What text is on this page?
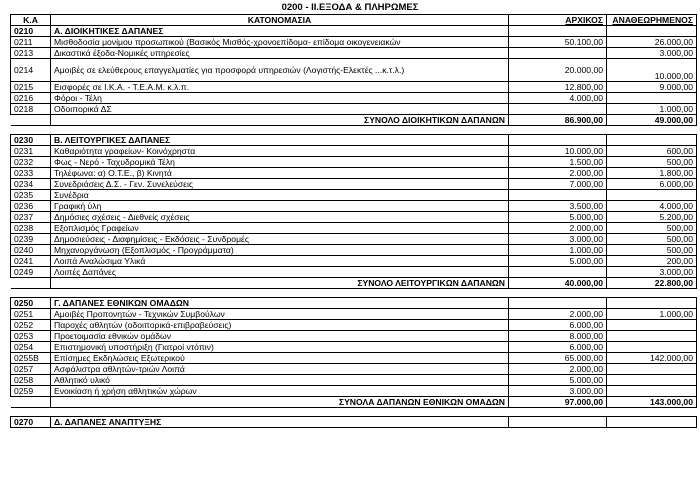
0200 - ΙΙ.ΕΞΟΔΑ & ΠΛΗΡΩΜΕΣ
Κ.Α	ΚΑΤΟΝΟΜΑΣΙΑ	ΑΡΧΙΚΟΣ	ΑΝΑΘΕΩΡΗΜΕΝΟΣ
0210	Α. ΔΙΟΙΚΗΤΙΚΕΣ ΔΑΠΑΝΕΣ		
0211	Μισθοδοσία μονίμου προσωπικού (Βασικός Μισθός-χρονοεπίδομα- επίδομα οικογενειακών	50.100,00	26.000,00
0213	Δικαστικά έξοδα-Νομικές υπηρεσίες		3.000,00
0214	Αμοιβές σε ελεύθερους επαγγελματίες για προσφορά υπηρεσιών (Λογιστής-Ελεκτές ...κ.τ.λ.)	20.000,00	10.000,00
0215	Εισφορές σε Ι.Κ.Α. - Τ.Ε.Α.Μ. κ.λ.π.	12.800,00	9.000,00
0216	Φόροι - Τέλη	4.000,00	
0218	Οδοιπορικά ΔΣ		1.000,00
	ΣΥΝΟΛΟ ΔΙΟΙΚΗΤΙΚΩΝ ΔΑΠΑΝΩΝ	86.900,00	49.000,00

0230	Β. ΛΕΙΤΟΥΡΓΙΚΕΣ ΔΑΠΑΝΕΣ		
0231	Καθαριότητα γραφείων- Κοινόχρηστα	10.000,00	600,00
0232	Φως - Νερό - Ταχυδρομικά Τέλη	1.500,00	500,00
0233	Τηλέφωνα: α) Ο.Τ.Ε., β) Κινητά	2.000,00	1.800,00
0234	Συνεδριάσεις Δ.Σ. - Γεν. Συνελεύσεις	7.000,00	6.000,00
0235	Συνέδρια		
0236	Γραφική ύλη	3.500,00	4.000,00
0237	Δημόσιες σχέσεις - Διεθνείς σχέσεις	5.000,00	5.200,00
0238	Εξοπλισμός Γραφείων	2.000,00	500,00
0239	Δημοσιεύσεις - Διαφημίσεις - Εκδόσεις - Συνδρομές	3.000,00	500,00
0240	Μηχανοργάνωση (Εξοπλισμός - Προγράμματα)	1.000,00	500,00
0241	Λοιπά Αναλώσιμα Υλικά	5.000,00	200,00
0249	Λοιπές Δαπάνες		3.000,00
	ΣΥΝΟΛΟ ΛΕΙΤΟΥΡΓΙΚΩΝ ΔΑΠΑΝΩΝ	40.000,00	22.800,00

0250	Γ. ΔΑΠΑΝΕΣ ΕΘΝΙΚΩΝ ΟΜΑΔΩΝ		
0251	Αμοιβές Προπονητών - Τεχνικών Συμβούλων	2.000,00	1.000,00
0252	Παροχές αθλητών (οδοιπορικά-επιβραβεύσεις)	6.000,00	
0253	Προετοιμασία εθνικών ομάδων	8.000,00	
0254	Επιστημονική υποστήριξη (Γιατροί ντόπιν)	6.000,00	
0255Β	Επίσημες Εκδηλώσεις Εξωτερικού	65.000,00	142.000,00
0257	Ασφάλιστρα αθλητών-τριών Λοιπά	2.000,00	
0258	Αθλητικό υλικό	5.000,00	
0259	Ενοικίαση ή χρήση αθλητικών χώρων	3.000,00	
	ΣΥΝΟΛΑ ΔΑΠΑΝΩΝ ΕΘΝΙΚΩΝ ΟΜΑΔΩΝ	97.000,00	143.000,00

0270	Δ. ΔΑΠΑΝΕΣ ΑΝΑΠΤΥΞΗΣ		
